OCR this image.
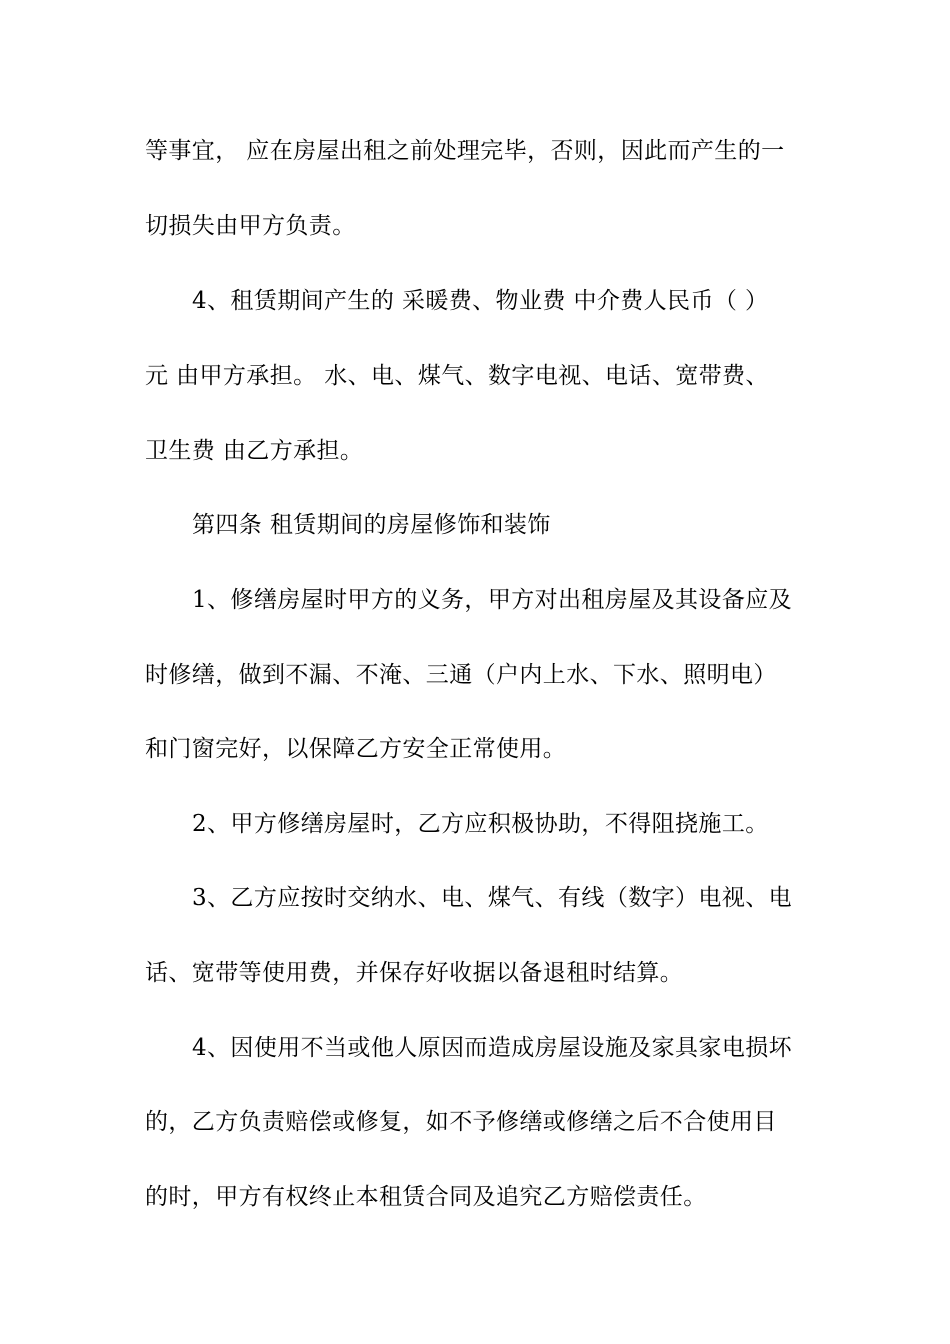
等事宜， 应在房屋出租之前处理完毕，否则，因此而产生的一
切损失由甲方负责。
4、租赁期间产生的 采暖费、物业费 中介费人民币（ ）
元 由甲方承担。 水、电、煤气、数字电视、电话、宽带费、
卫生费 由乙方承担。
第四条 租赁期间的房屋修饰和装饰
1、修缮房屋时甲方的义务，甲方对出租房屋及其设备应及
时修缮，做到不漏、不淹、三通（户内上水、下水、照明电）
和门窗完好，以保障乙方安全正常使用。
2、甲方修缮房屋时，乙方应积极协助，不得阻挠施工。
3、乙方应按时交纳水、电、煤气、有线（数字）电视、电
话、宽带等使用费，并保存好收据以备退租时结算。
4、因使用不当或他人原因而造成房屋设施及家具家电损坏
的，乙方负责赔偿或修复，如不予修缮或修缮之后不合使用目
的时，甲方有权终止本租赁合同及追究乙方赔偿责任。
